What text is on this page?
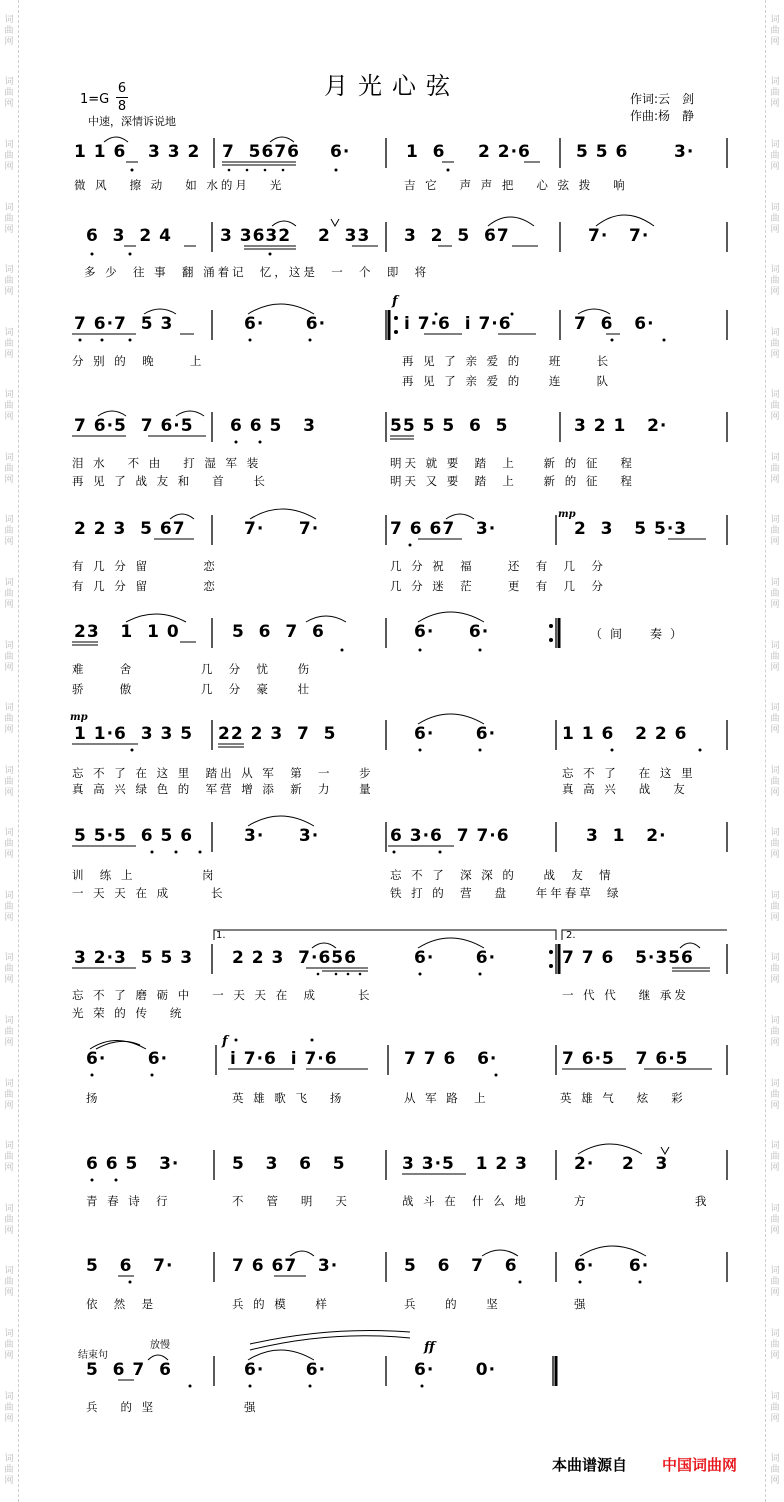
词曲网
词曲网
词曲网
词曲网
词曲网
词曲网
词曲网
词曲网
词曲网
词曲网
词曲网
词曲网
词曲网
词曲网
词曲网
词曲网
词曲网
词曲网
词曲网
词曲网
词曲网
词曲网
词曲网
词曲网
词曲网
词曲网
词曲网
词曲网
词曲网
词曲网
词曲网
词曲网
词曲网
词曲网
词曲网
词曲网
词曲网
词曲网
词曲网
词曲网
词曲网
词曲网
词曲网
词曲网
词曲网
词曲网
词曲网
词曲网
月光心弦
1=G
6
8
中速，深情诉说地
作词:云　剑
作曲:杨　静
f
mp
mp
f
ff
1.	2.
（间　奏）
结束句
放慢
1 1 6 3 3 2 7  5676 6·	1  6 2 2·6	5 5 6	3·
微 风   擦 动   如 水的月   光	吉 它   声 声 把   心 弦 拨   响
6  3  2 4	3 3632 2  33 3  2  5  67	7·   7·
多 少  往 事  翻 涌着记  忆，这是  一  个  即  将
7 6·7  5 3	6·      6·	i 7·6  i 7·6	7  6   6·
分 别 的  晚     上	再 见 了 亲 爱 的    班     长
再 见 了 亲 爱 的    连     队
7 6·5  7 6·5 6 6 5   3	55 5 5  6  5	3 2 1   2·
泪 水   不 由   打 湿 军 装	明天 就 要  踏  上    新 的 征   程
再 见 了 战 友 和   首    长	明天 又 要  踏  上    新 的 征   程
2 2 3  5 67	7·     7·	7 6 67   3·	2  3   5 5·3
有 几 分 留        恋	几 分 祝  福     还  有  几  分
有 几 分 留        恋	几 分 迷  茫     更  有  几  分
23   1  1 0	5  6  7  6	6·     6·
难     舍          几  分  忧    伤
骄     傲          几  分  豪    壮
1 1·6  3 3 5 22 2 3  7  5	6·      6·	1 1 6   2 2 6
忘 不 了 在 这 里  踏出 从 军  第  一    步	忘 不 了   在 这 里
真 高 兴 绿 色 的  军营 增 添  新  力    量	真 高 兴   战   友
5 5·5  6 5 6	3·     3·	6 3·6  7 7·6	3  1   2·
训  练 上          岗	忘 不 了  深 深 的    战  友  情
一 天 天 在 成      长	铁 打 的  营   盘    年年春草  绿
3 2·3  5 5 3 2 2 3  7·656	6·      6·	7 7 6   5·356
忘 不 了 磨 砺 中   一 天 天 在  成      长	一 代 代   继 承发
光 荣 的 传   统
6·      6·	i 7·6  i 7·6	7 7 6   6·	7 6·5   7 6·5
扬	英 雄 歌 飞   扬	从 军 路  上	英 雄 气   炫   彩
6 6 5   3·	5   3   6   5	3 3·5   1 2 3	2·    2   3
青 春 诗  行	不   管   明   天	战 斗 在  什 么 地	方                我
5   6   7·	7 6 67   3·	5   6   7   6	6·     6·
依  然  是	兵 的 模    样	兵    的    坚	强
5  6 7  6	6·      6·	6·      0·
兵   的 坚	强
本曲谱源自 中国词曲网
